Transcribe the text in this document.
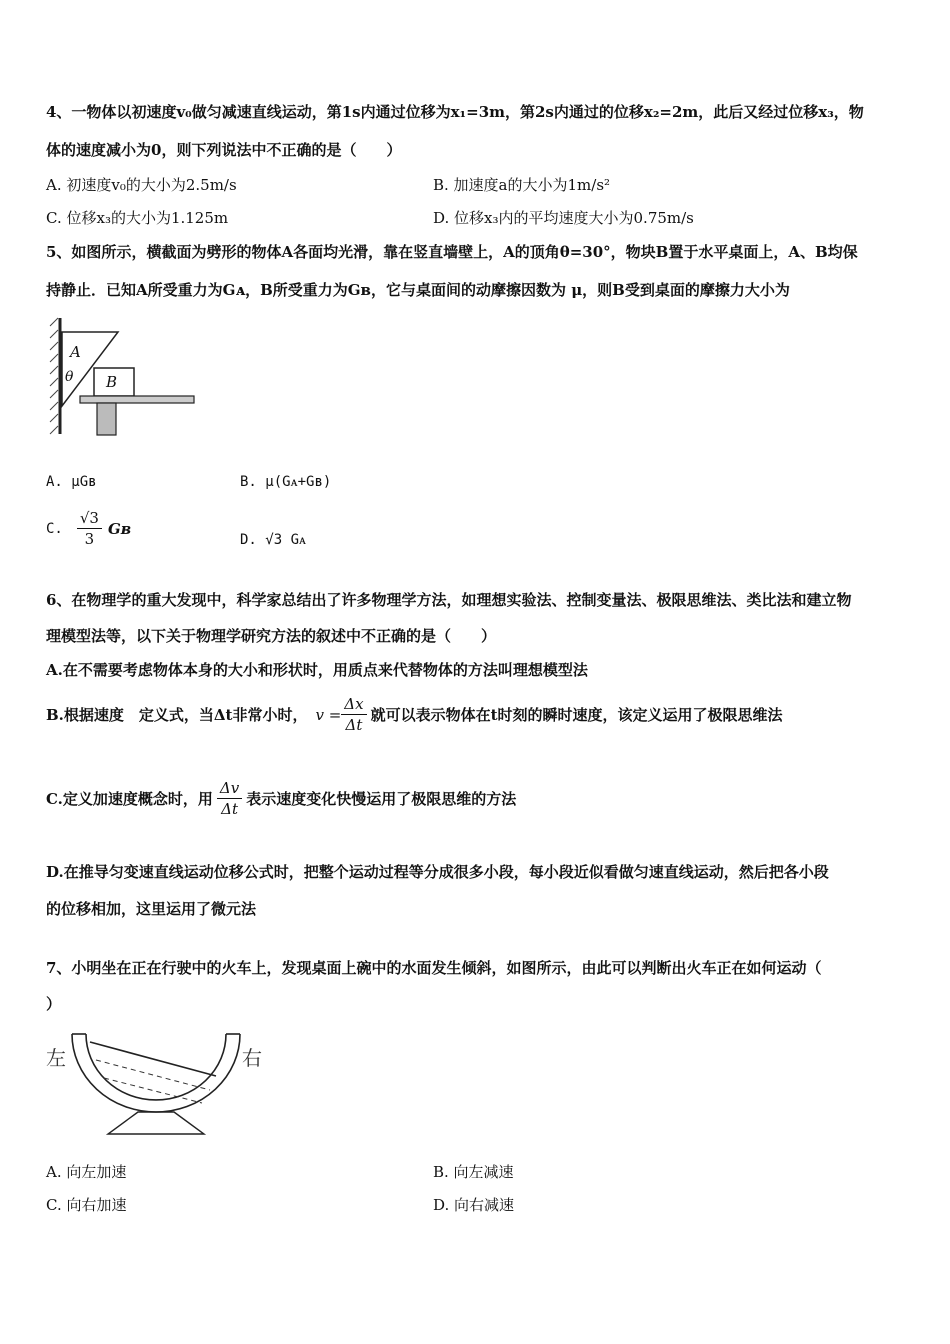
4、一物体以初速度v₀做匀减速直线运动，第1s内通过位移为x₁=3m，第2s内通过的位移x₂=2m，此后又经过位移x₃，物
体的速度减小为0，则下列说法中不正确的是（　　）
A. 初速度v₀的大小为2.5m/s	B. 加速度a的大小为1m/s²
C. 位移x₃的大小为1.125m	D. 位移x₃内的平均速度大小为0.75m/s
5、如图所示，横截面为劈形的物体A各面均光滑，靠在竖直墙壁上，A的顶角θ=30°，物块B置于水平桌面上，A、B均保
持静止．已知A所受重力为Gᴀ，B所受重力为Gʙ，它与桌面间的动摩擦因数为 μ，则B受到桌面的摩擦力大小为
A
θ B
A. μGʙ	B. μ(Gᴀ+Gʙ)
C. $\frac{√3}{3}$ Gʙ
D. √3 Gᴀ
6、在物理学的重大发现中，科学家总结出了许多物理学方法，如理想实验法、控制变量法、极限思维法、类比法和建立物
理模型法等，以下关于物理学研究方法的叙述中不正确的是（　　）
A.在不需要考虑物体本身的大小和形状时，用质点来代替物体的方法叫理想模型法
B.根据速度　定义式，当Δt非常小时， $v = \frac{\Delta x}{\Delta t}$ 就可以表示物体在t时刻的瞬时速度，该定义运用了极限思维法
C.定义加速度概念时，用 $\frac{\Delta v}{\Delta t}$ 表示速度变化快慢运用了极限思维的方法
D.在推导匀变速直线运动位移公式时，把整个运动过程等分成很多小段，每小段近似看做匀速直线运动，然后把各小段
的位移相加，这里运用了微元法
7、小明坐在正在行驶中的火车上，发现桌面上碗中的水面发生倾斜，如图所示，由此可以判断出火车正在如何运动（
）
左	右
A. 向左加速	B. 向左减速
C. 向右加速	D. 向右减速
